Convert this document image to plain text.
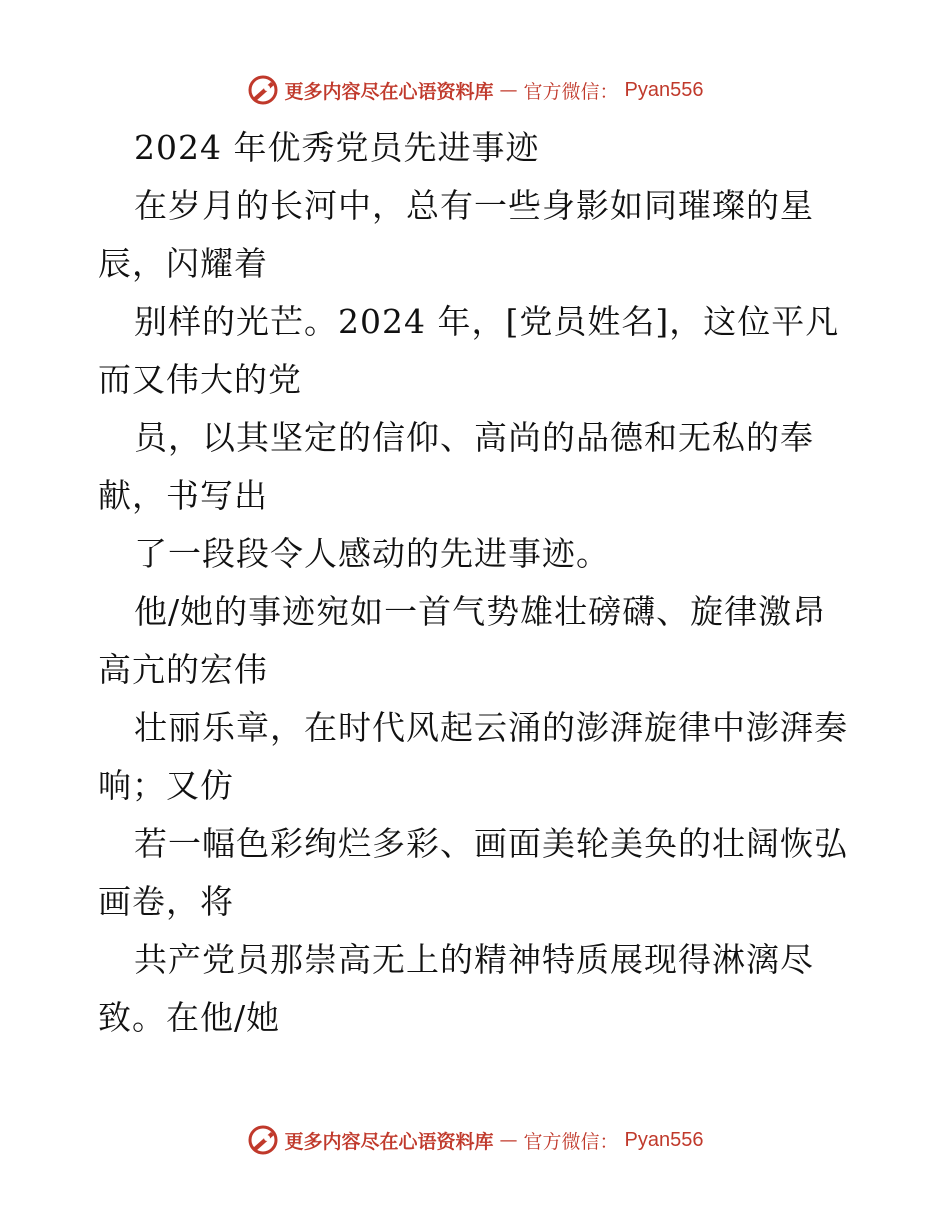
更多内容尽在心语资料库 — 官方微信： Pyan556
2024 年优秀党员先进事迹
在岁月的长河中，总有一些身影如同璀璨的星
辰，闪耀着
别样的光芒。2024 年，[党员姓名]，这位平凡
而又伟大的党
员，以其坚定的信仰、高尚的品德和无私的奉
献，书写出
了一段段令人感动的先进事迹。
他/她的事迹宛如一首气势雄壮磅礴、旋律激昂
高亢的宏伟
壮丽乐章，在时代风起云涌的澎湃旋律中澎湃奏
响；又仿
若一幅色彩绚烂多彩、画面美轮美奂的壮阔恢弘
画卷，将
共产党员那崇高无上的精神特质展现得淋漓尽
致。在他/她
更多内容尽在心语资料库 — 官方微信： Pyan556
